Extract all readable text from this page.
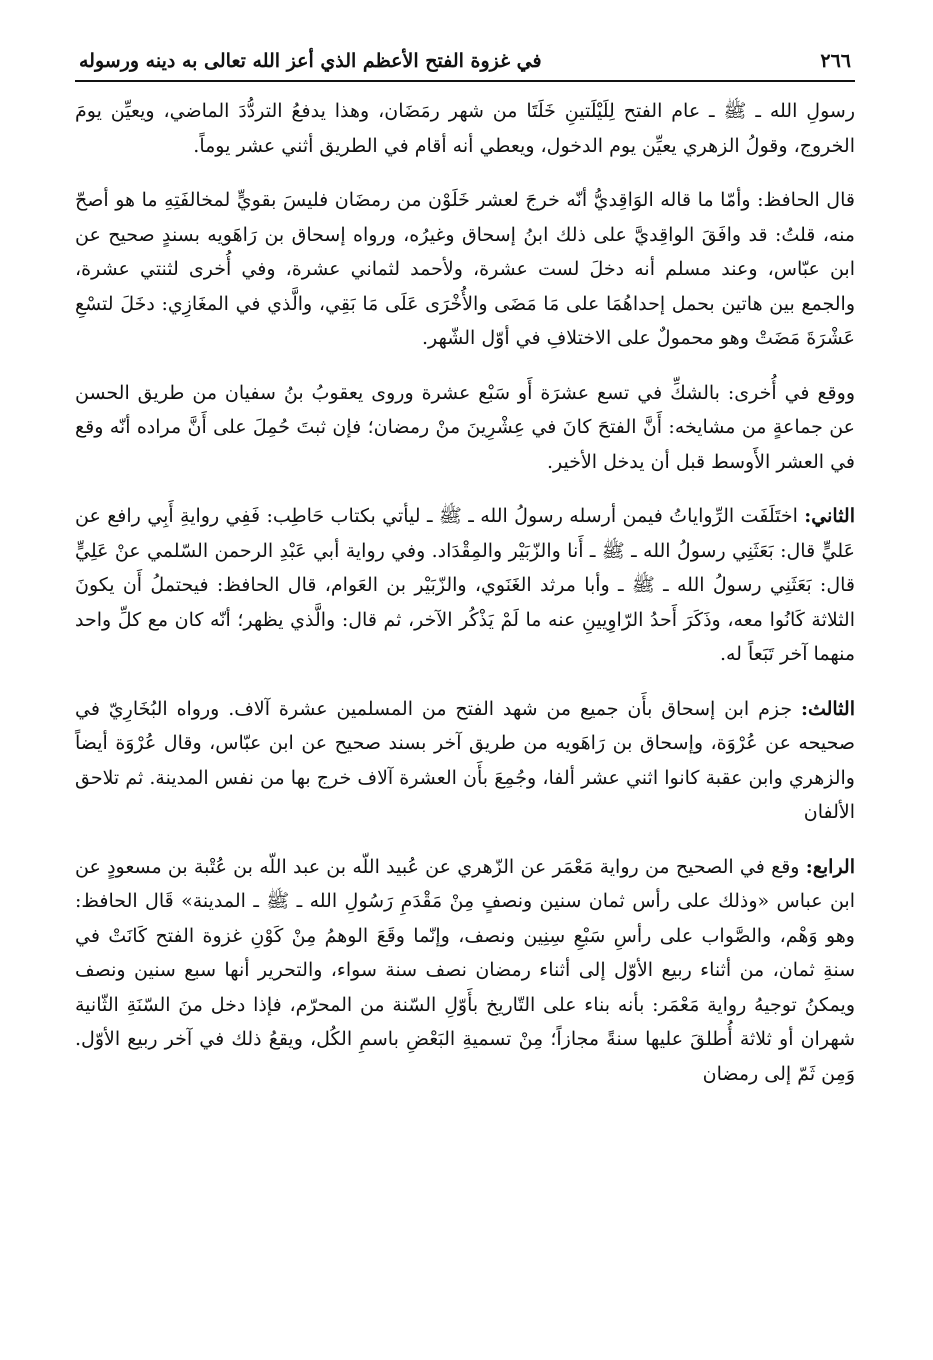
٢٦٦
في غزوة الفتح الأعظم الذي أعز الله تعالى به دينه ورسوله

رسولِ الله ـ ﷺ ـ عام الفتح لِلَيْلَتينِ خَلَتَا من شهر رمَضَان، وهذا يدفعُ التردُّدَ الماضي، ويعيِّن يومَ الخروج، وقولُ الزهري يعيِّن يوم الدخول، ويعطي أنه أقام في الطريق أثني عشر يوماً.

قال الحافظ: وأمّا ما قاله الوَاقِديُّ أنّه خرجَ لعشر خَلَوْن من رمضَان فليسَ بقويٍّ لمخالفَتِهِ ما هو أصحّ منه، قلتُ: قد وافَقَ الواقِديَّ على ذلك ابنُ إسحاق وغيرُه، ورواه إسحاق بن رَاهَويه بسندٍ صحيح عن ابن عبّاس، وعند مسلم أنه دخلَ لست عشرة، ولأحمد لثماني عشرة، وفي أُخرى لثنتي عشرة، والجمع بين هاتين بحمل إحداهُمَا على مَا مَضَى والأُخْرَى عَلَى مَا بَقِي، والَّذي في المغَازِي: دخَلَ لتسْعِ عَشْرَةَ مَضَتْ وهو محمولٌ على الاختلافِ في أوّل الشّهر.

ووقع في أُخرى: بالشكِّ في تسع عشرَة أَو سَبْع عشرة وروى يعقوبُ بنُ سفيان من طريق الحسن عن جماعةٍ من مشايخه: أَنَّ الفتحَ كانَ في عِشْرِينَ منْ رمضان؛ فإن ثبتَ حُمِلَ على أَنَّ مراده أنّه وقع في العشر الأَوسط قبل أن يدخل الأخير.

الثاني: اختَلَفَت الرِّواياتُ فيمن أرسله رسولُ الله ـ ﷺ ـ ليأتي بكتاب حَاطِب: فَفِي روايةِ أَبِي رافع عن عَليٍّ قال: بَعَثَنِي رسولُ الله ـ ﷺ ـ أَنا والزّبَيْر والمِقْدَاد. وفي رواية أبي عَبْدِ الرحمن السّلمي عنْ عَلِيٍّ قال: بَعَثَنِي رسولُ الله ـ ﷺ ـ وأبا مرثد الغَنَوي، والزّبَيْر بن العَوام، قال الحافظ: فيحتملُ أَن يكونَ الثلاثة كَانُوا معه، وذَكَرَ أَحدُ الرّاوِيينِ عنه ما لَمْ يَذْكُر الآخر، ثم قال: والَّذي يظهر؛ أنّه كان مع كلِّ واحد منهما آخر تَبَعاً له.

الثالث: جزم ابن إسحاق بأَن جميع من شهد الفتح من المسلمين عشرة آلاف. ورواه البُخَارِيّ في صحيحه عن عُرْوَة، وإسحاق بن رَاهَويه من طريق آخر بسند صحيح عن ابن عبّاس، وقال عُرْوَة أيضاً والزهري وابن عقبة كانوا اثني عشر ألفا، وجُمِعَ بأَن العشرة آلاف خرج بها من نفس المدينة. ثم تلاحق الألفان

الرابع: وقع في الصحيح من رواية مَعْمَر عن الزّهري عن عُبيد اللّه بن عبد اللّه بن عُتْبة بن مسعودٍ عن ابن عباس «وذلك على رأس ثمان سنين ونصفٍ مِنْ مَقْدَمِ رَسُولِ الله ـ ﷺ ـ المدينة» قَال الحافظ: وهو وَهْم، والصَّواب على رأسِ سَبْعِ سِنِين ونصف، وإنّما وقَعَ الوهمُ مِنْ كَوْنِ غزوة الفتح كَانَتْ في سنةِ ثمان، من أثناء ربيع الأوّل إلى أثناء رمضان نصف سنة سواء، والتحرير أنها سبع سنين ونصف ويمكنُ توجيهُ رواية مَعْمَر: بأنه بناء على التّاريخ بأَوّلِ السّنة من المحرّم، فإذا دخل منَ السّنَةِ الثّانية شهران أو ثلاثة أُطلقَ عليها سنةً مجازاً؛ مِنْ تسميةِ البَعْضِ باسمِ الكُل، ويقعُ ذلك في آخر ربيع الأوّل. وَمِن ثَمّ إلى رمضان
